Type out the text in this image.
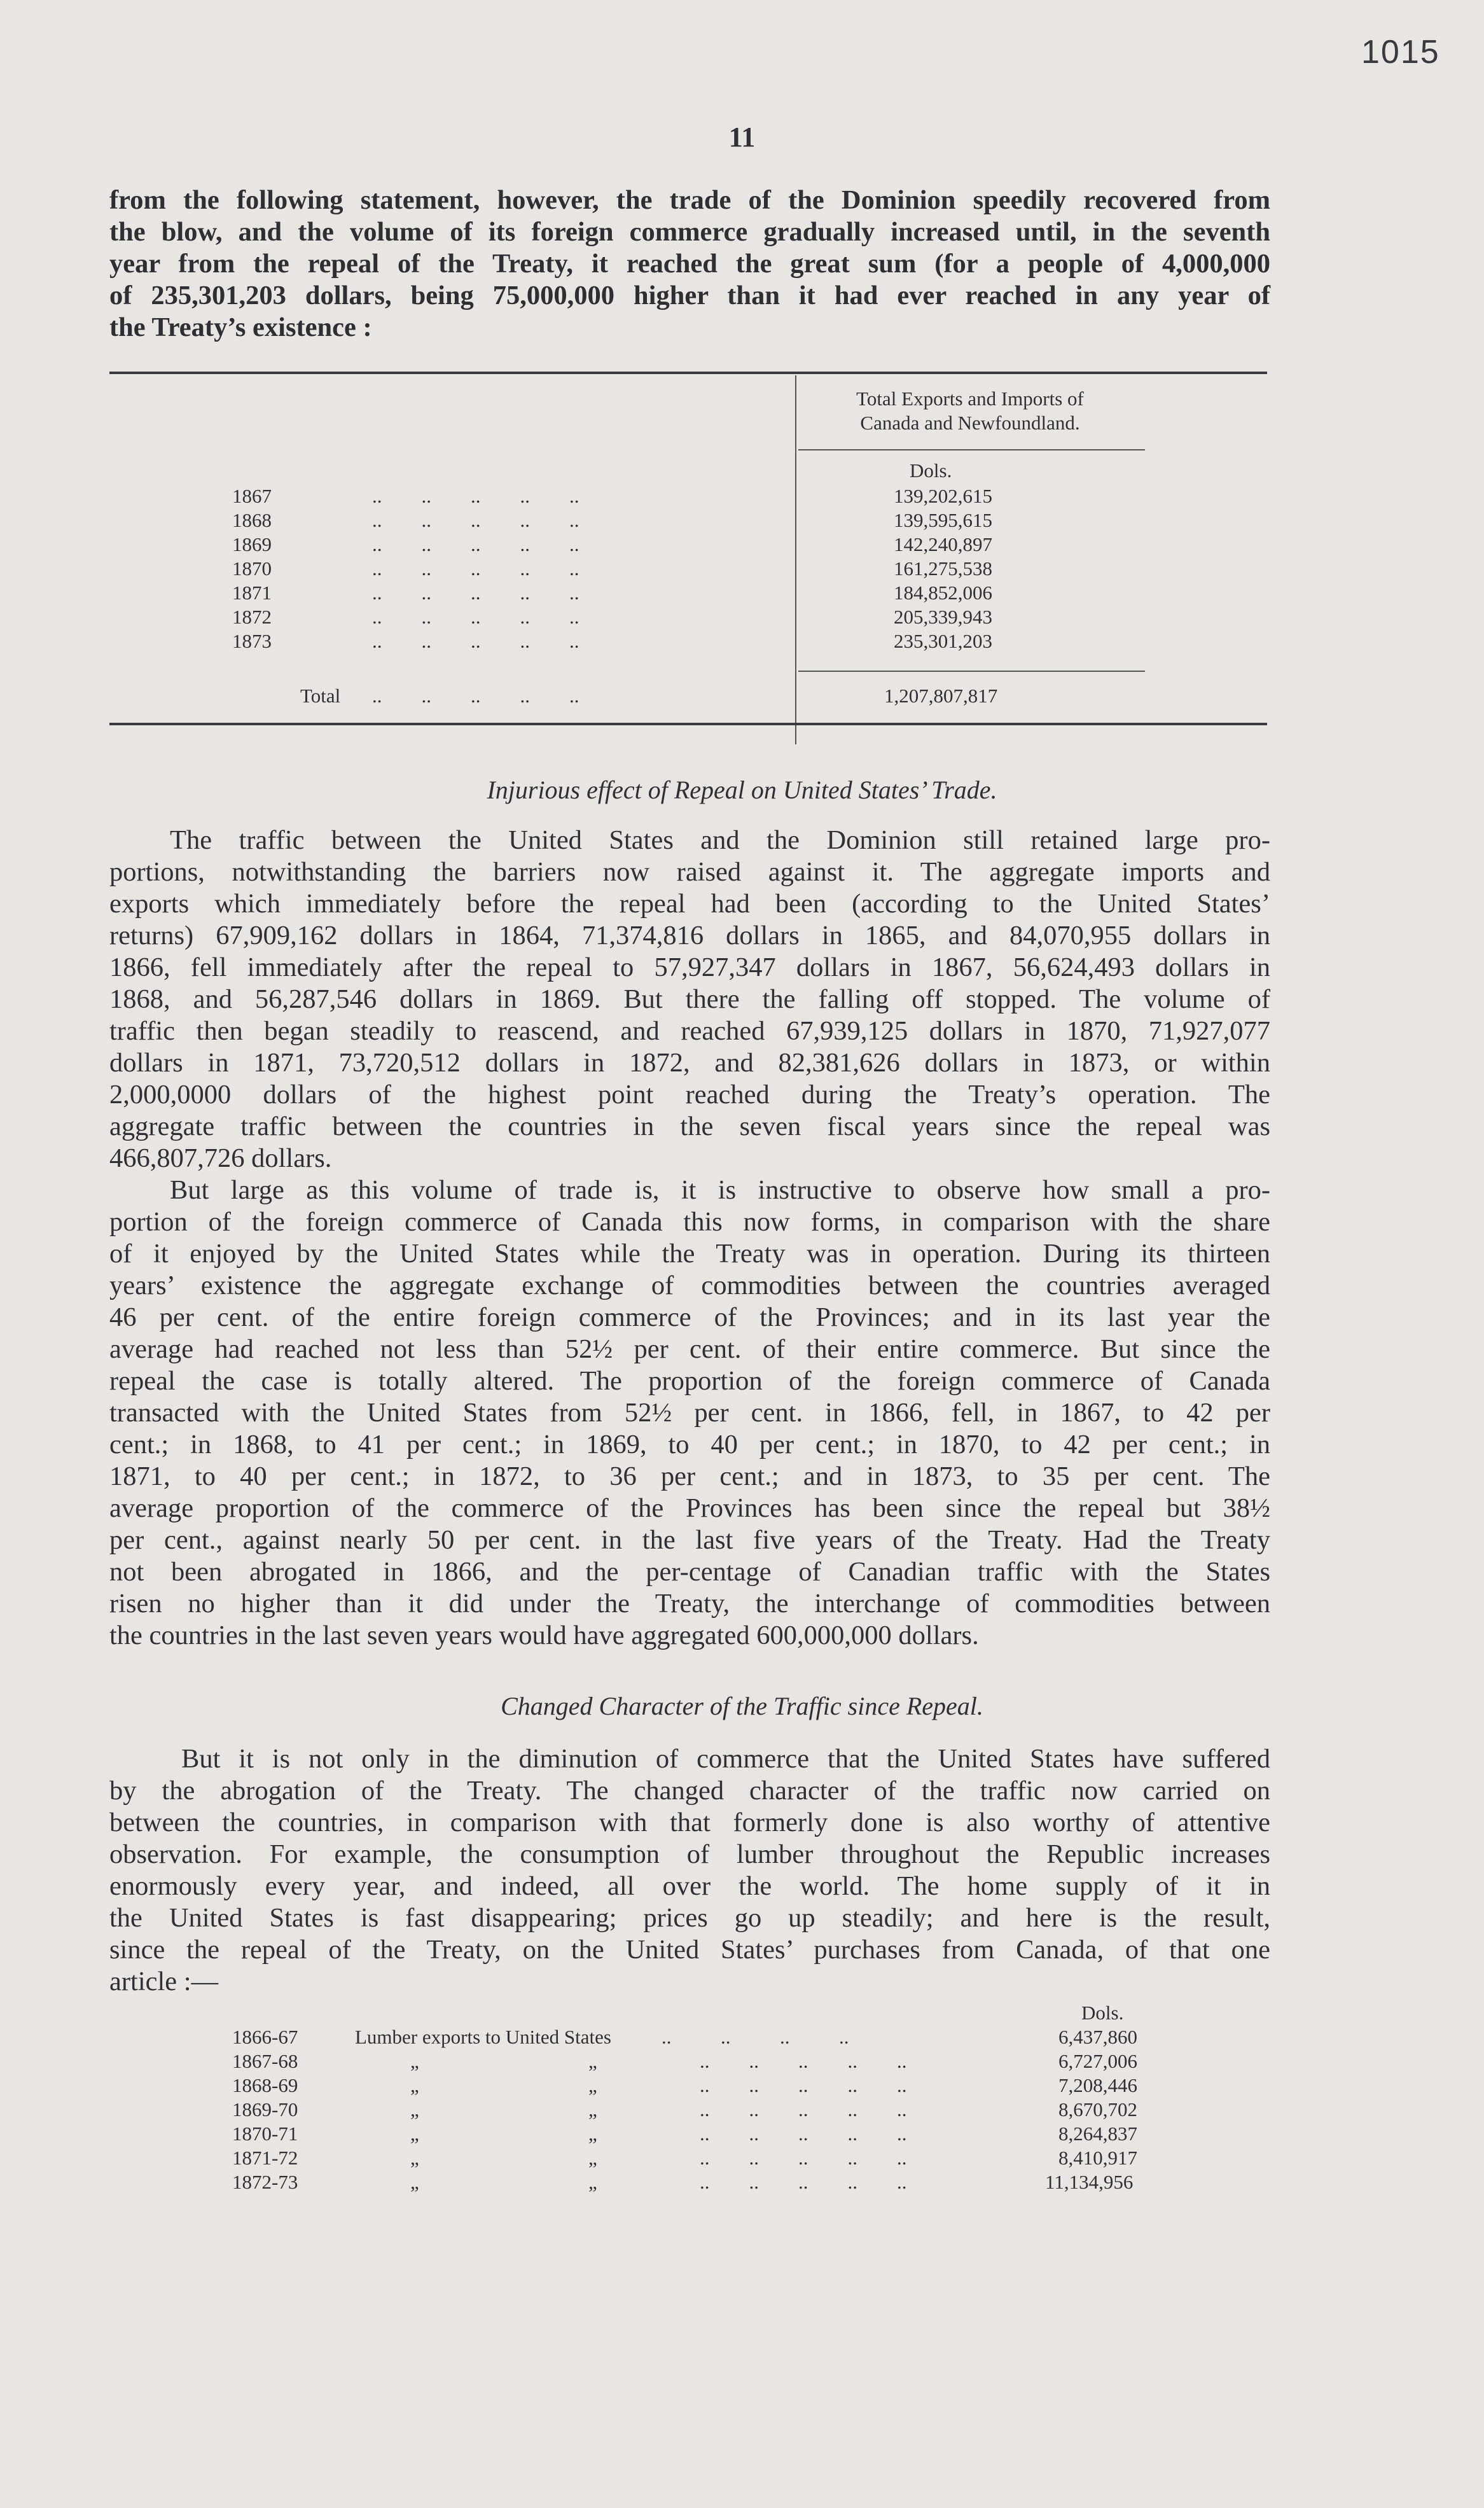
1015
11
from the following statement, however, the trade of the Dominion speedily recovered from
the blow, and the volume of its foreign commerce gradually increased until, in the seventh
year from the repeal of the Treaty, it reached the great sum (for a people of 4,000,000
of 235,301,203 dollars, being 75,000,000 higher than it had ever reached in any year of
the Treaty’s existence :
Total Exports and Imports of
Canada and Newfoundland.
Dols.
1867	..        ..        ..        ..        ..	139,202,615
1868	..        ..        ..        ..        ..	139,595,615
1869	..        ..        ..        ..        ..	142,240,897
1870	..        ..        ..        ..        ..	161,275,538
1871	..        ..        ..        ..        ..	184,852,006
1872	..        ..        ..        ..        ..	205,339,943
1873	..        ..        ..        ..        ..	235,301,203
Total ..        ..        ..        ..        ..	1,207,807,817
Injurious effect of Repeal on United States’ Trade.
The traffic between the United States and the Dominion still retained large pro-
portions, notwithstanding the barriers now raised against it. The aggregate imports and
exports which immediately before the repeal had been (according to the United States’
returns) 67,909,162 dollars in 1864, 71,374,816 dollars in 1865, and 84,070,955 dollars in
1866, fell immediately after the repeal to 57,927,347 dollars in 1867, 56,624,493 dollars in
1868, and 56,287,546 dollars in 1869. But there the falling off stopped. The volume of
traffic then began steadily to reascend, and reached 67,939,125 dollars in 1870, 71,927,077
dollars in 1871, 73,720,512 dollars in 1872, and 82,381,626 dollars in 1873, or within
2,000,0000 dollars of the highest point reached during the Treaty’s operation. The
aggregate traffic between the countries in the seven fiscal years since the repeal was
466,807,726 dollars.
But large as this volume of trade is, it is instructive to observe how small a pro-
portion of the foreign commerce of Canada this now forms, in comparison with the share
of it enjoyed by the United States while the Treaty was in operation. During its thirteen
years’ existence the aggregate exchange of commodities between the countries averaged
46 per cent. of the entire foreign commerce of the Provinces; and in its last year the
average had reached not less than 52½ per cent. of their entire commerce. But since the
repeal the case is totally altered. The proportion of the foreign commerce of Canada
transacted with the United States from 52½ per cent. in 1866, fell, in 1867, to 42 per
cent.; in 1868, to 41 per cent.; in 1869, to 40 per cent.; in 1870, to 42 per cent.; in
1871, to 40 per cent.; in 1872, to 36 per cent.; and in 1873, to 35 per cent. The
average proportion of the commerce of the Provinces has been since the repeal but 38½
per cent., against nearly 50 per cent. in the last five years of the Treaty. Had the Treaty
not been abrogated in 1866, and the per-centage of Canadian traffic with the States
risen no higher than it did under the Treaty, the interchange of commodities between
the countries in the last seven years would have aggregated 600,000,000 dollars.
Changed Character of the Traffic since Repeal.
But it is not only in the diminution of commerce that the United States have suffered
by the abrogation of the Treaty. The changed character of the traffic now carried on
between the countries, in comparison with that formerly done is also worthy of attentive
observation. For example, the consumption of lumber throughout the Republic increases
enormously every year, and indeed, all over the world. The home supply of it in
the United States is fast disappearing; prices go up steadily; and here is the result,
since the repeal of the Treaty, on the United States’ purchases from Canada, of that one
article :—
Dols.
1866-67	Lumber exports to United States	..          ..          ..          ..	6,437,860
1867-68	„	„	..        ..        ..        ..        ..	6,727,006
1868-69	„	„	..        ..        ..        ..        ..	7,208,446
1869-70	„	„	..        ..        ..        ..        ..	8,670,702
1870-71	„	„	..        ..        ..        ..        ..	8,264,837
1871-72	„	„	..        ..        ..        ..        ..	8,410,917
1872-73	„	„	..        ..        ..        ..        ..	11,134,956
